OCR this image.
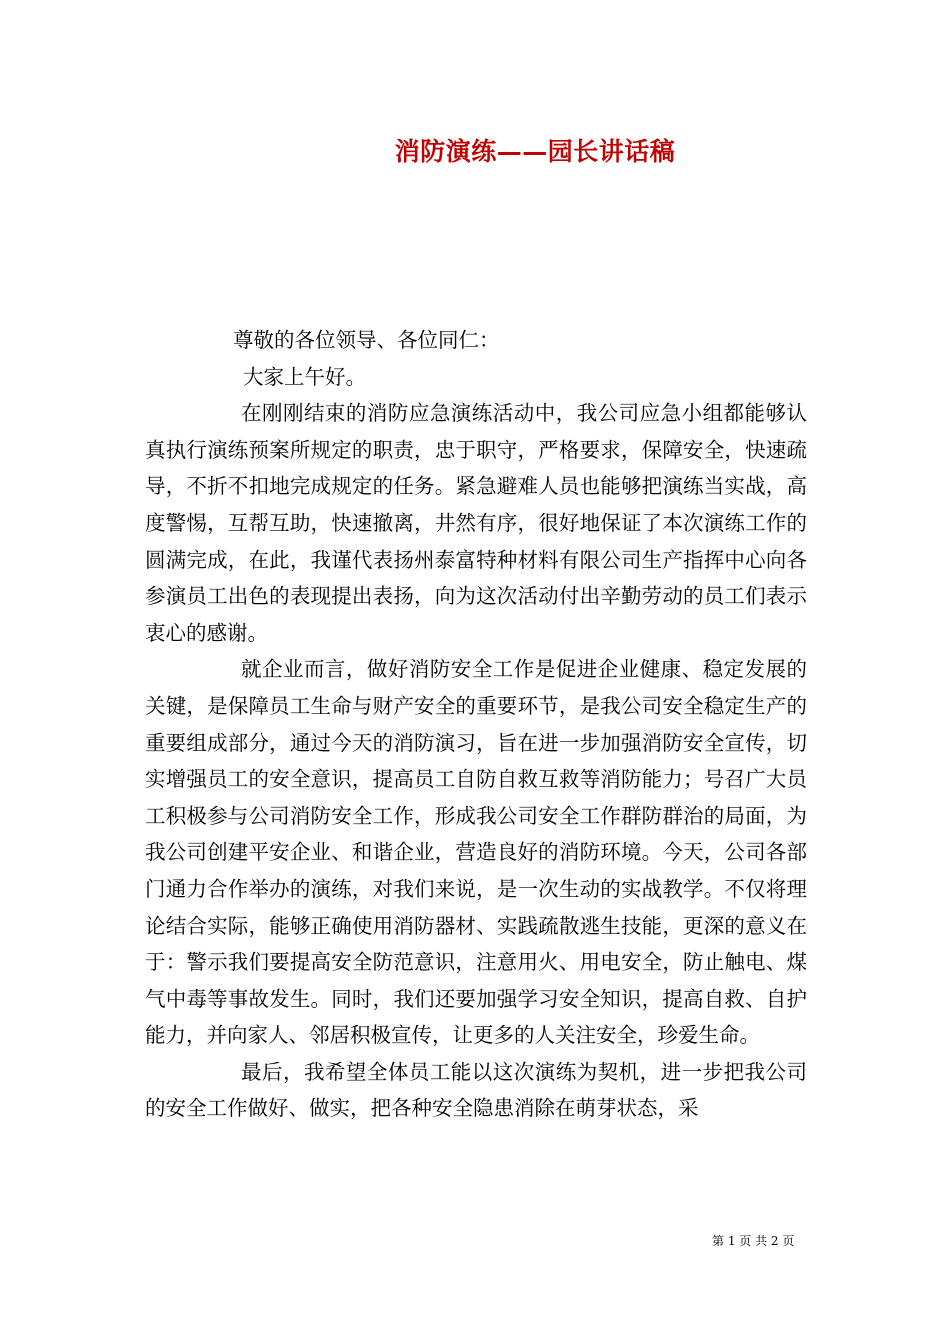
消防演练——园长讲话稿

尊敬的各位领导、各位同仁：

大家上午好。

在刚刚结束的消防应急演练活动中，我公司应急小组都能够认真执行演练预案所规定的职责，忠于职守，严格要求，保障安全，快速疏导，不折不扣地完成规定的任务。紧急避难人员也能够把演练当实战，高度警惕，互帮互助，快速撤离，井然有序，很好地保证了本次演练工作的圆满完成，在此，我谨代表扬州泰富特种材料有限公司生产指挥中心向各参演员工出色的表现提出表扬，向为这次活动付出辛勤劳动的员工们表示衷心的感谢。

就企业而言，做好消防安全工作是促进企业健康、稳定发展的关键，是保障员工生命与财产安全的重要环节，是我公司安全稳定生产的重要组成部分，通过今天的消防演习，旨在进一步加强消防安全宣传，切实增强员工的安全意识，提高员工自防自救互救等消防能力；号召广大员工积极参与公司消防安全工作，形成我公司安全工作群防群治的局面，为我公司创建平安企业、和谐企业，营造良好的消防环境。今天，公司各部门通力合作举办的演练，对我们来说，是一次生动的实战教学。不仅将理论结合实际，能够正确使用消防器材、实践疏散逃生技能，更深的意义在于：警示我们要提高安全防范意识，注意用火、用电安全，防止触电、煤气中毒等事故发生。同时，我们还要加强学习安全知识，提高自救、自护能力，并向家人、邻居积极宣传，让更多的人关注安全，珍爱生命。

最后，我希望全体员工能以这次演练为契机，进一步把我公司的安全工作做好、做实，把各种安全隐患消除在萌芽状态，采

第 1 页 共 2 页
